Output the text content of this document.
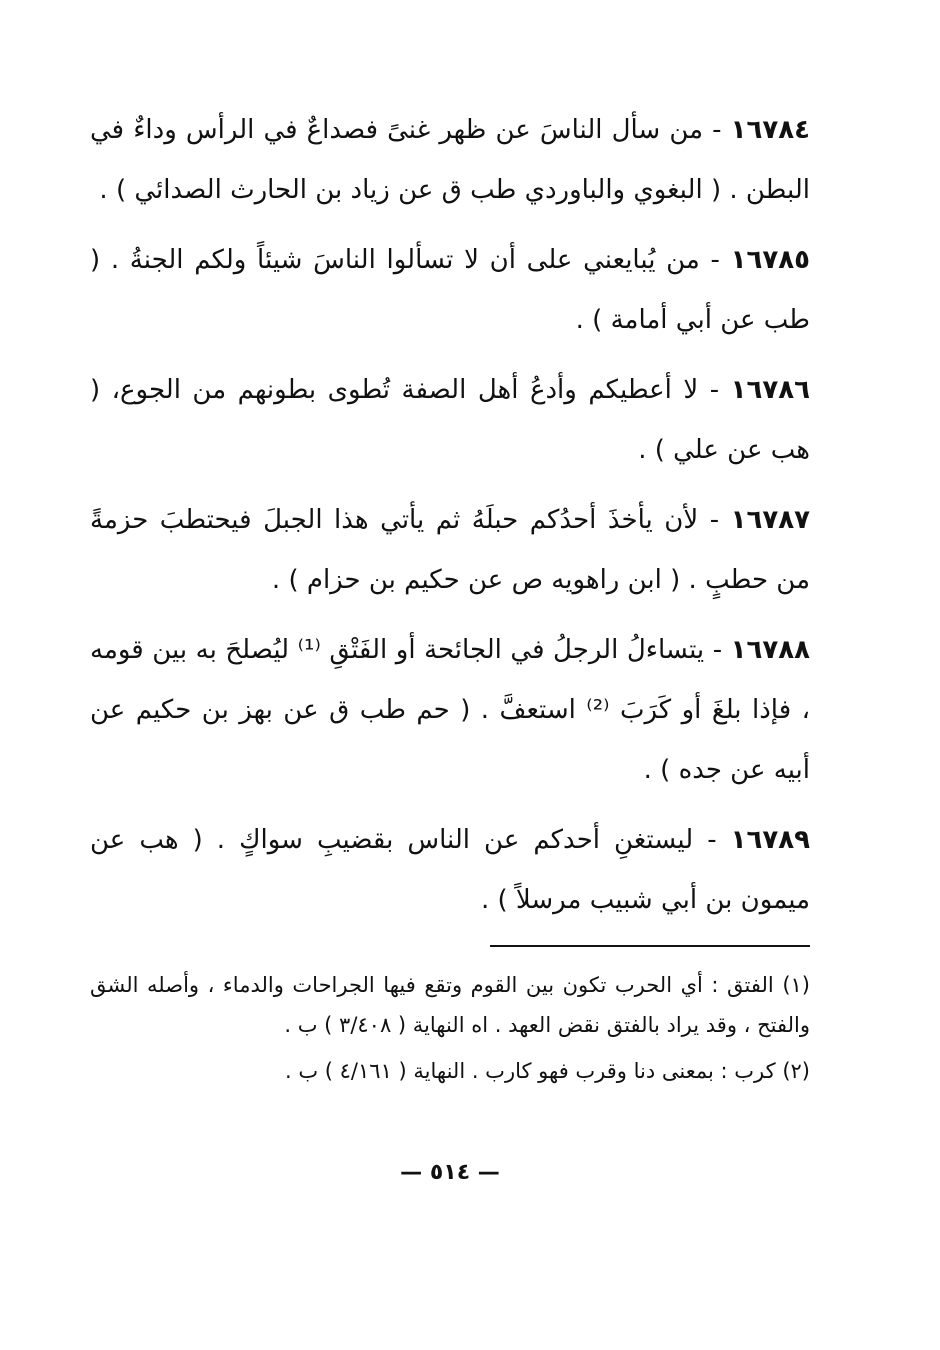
١٦٧٨٤ - من سأل الناسَ عن ظهر غنىً فصداعٌ في الرأس وداءٌ في البطن . ( البغوي والباوردي طب ق عن زياد بن الحارث الصدائي ) .

١٦٧٨٥ - من يُبايعني على أن لا تسألوا الناسَ شيئاً ولكم الجنةُ . ( طب عن أبي أمامة ) .

١٦٧٨٦ - لا أعطيكم وأدعُ أهل الصفة تُطوى بطونهم من الجوع، ( هب عن علي ) .

١٦٧٨٧ - لأن يأخذَ أحدُكم حبلَهُ ثم يأتي هذا الجبلَ فيحتطبَ حزمةً من حطبٍ . ( ابن راهويه ص عن حكيم بن حزام ) .

١٦٧٨٨ - يتساءلُ الرجلُ في الجائحة أو الفَتْقِ ⁽¹⁾ ليُصلحَ به بين قومه ، فإذا بلغَ أو كَرَبَ ⁽²⁾ استعفَّ . ( حم طب ق عن بهز بن حكيم عن أبيه عن جده ) .

١٦٧٨٩ - ليستغنِ أحدكم عن الناس بقضيبِ سواكٍ . ( هب عن ميمون بن أبي شبيب مرسلاً ) .

(١) الفتق : أي الحرب تكون بين القوم وتقع فيها الجراحات والدماء ، وأصله الشق والفتح ، وقد يراد بالفتق نقض العهد . اه النهاية ( ٣/٤٠٨ ) ب .

(٢) كرب : بمعنى دنا وقرب فهو كارب . النهاية ( ٤/١٦١ ) ب .

— ٥١٤ —
